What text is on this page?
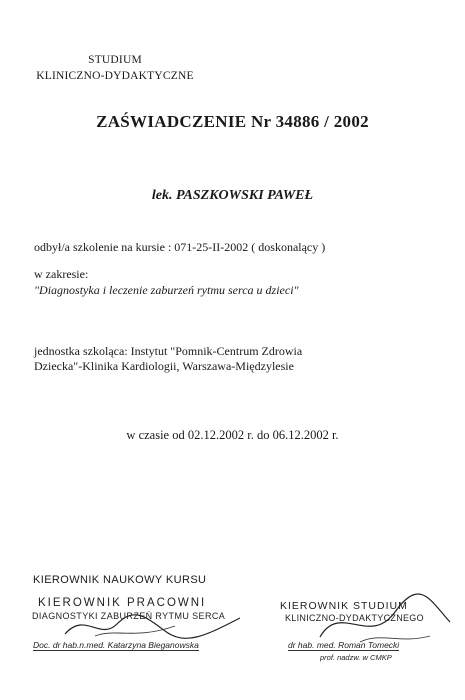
STUDIUM
KLINICZNO-DYDAKTYCZNE
ZAŚWIADCZENIE Nr 34886 / 2002
lek. PASZKOWSKI PAWEŁ
odbył/a szkolenie na kursie : 071-25-II-2002 ( doskonalący )
w zakresie:
"Diagnostyka i leczenie zaburzeń rytmu serca u dzieci"
jednostka szkoląca: Instytut "Pomnik-Centrum Zdrowia
Dziecka"-Klinika Kardiologii, Warszawa-Międzylesie
w czasie od 02.12.2002 r. do 06.12.2002 r.
KIEROWNIK NAUKOWY KURSU
KIEROWNIK PRACOWNI
DIAGNOSTYKI ZABURZEŃ RYTMU SERCA
Doc. dr hab.n.med. Katarzyna Bieganowska
KIEROWNIK STUDIUM
KLINICZNO-DYDAKTYCZNEGO
dr hab. med. Roman Tomecki
prof. nadzw. w CMKP
